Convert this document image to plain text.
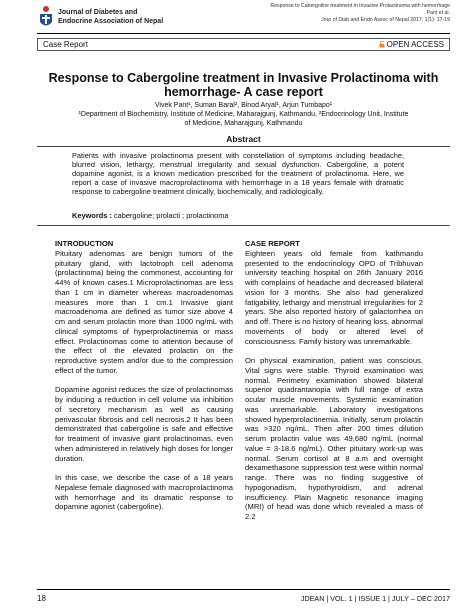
Journal of Diabetes and
Endocrine Association of Nepal
Response to Cabergoline treatment in Invasive Prolactinoma with hemorrhage
Pant et al.
Jour of Diab and Endo Assoc of Nepal 2017; 1(1): 17-19
Case Report	OPEN ACCESS
Response to Cabergoline treatment in Invasive Prolactinoma with
hemorrhage- A case report
Vivek Pant¹, Suman Baral², Binod Aryal¹, Arjun Tumbapo¹
¹Department of Biochemistry, Institute of Medicine, Maharajgunj, Kathmandu, ²Endocrinology Unit, Institute
of Medicine, Maharajgunj, Kathmandu
Abstract
Patients with invasive prolactinoma present with constellation of symptoms including headache, blurred vision, lethargy, menstrual irregularity and sexual dysfunction. Cabergoline, a potent dopamine agonist, is a known medication prescribed for the treatment of prolactinoma. Here, we report a case of invasive macroprolactinoma with hemorrhage in a 18 years female with dramatic response to cabergoline treatment clinically, biochemically, and radiologically.
Keywords : cabergoline; prolacti ; prolactinoma
INTRODUCTION

Pituitary adenomas are benign tumors of the pituitary gland, with lactotroph cell adenoma (prolactinoma) being the commonest, accounting for 44% of known cases.1 Microprolactinomas are less than 1 cm in diameter whereas macroadenomas measures more than 1 cm.1 Invasive giant macroadenoma are defined as tumor size above 4 cm and serum prolactin more than 1000 ng/mL with clinical symptoms of hyperprolactinemia or mass effect. Prolactinomas come to attention because of the effect of the elevated prolactin on the reproductive system and/or due to the compression effect of the tumor.

Dopamine agonist reduces the size of prolactinomas by inducing a reduction in cell volume via inhibition of secretory mechanism as well as causing perivascular fibrosis and cell necrosis.2 It has been demonstrated that cabergoline is safe and effective for treatment of invasive giant prolactinomas, even when administered in relatively high doses for longer duration.

In this case, we describe the case of a 18 years Nepalese female diagnosed with macroprolactinoma with hemorrhage and its dramatic response to dopamine agonist (cabergoline).

CASE REPORT

Eighteen years old female from kathmandu presented to the endocrinology OPD of Tribhuvan university teaching hospital on 26th January 2016 with complains of headache and decreased bilateral vision for 3 months. She also had generalized fatigability, lethargy and menstrual irregularities for 2 years. She also reported history of galactorrhea on and off. There is no history of hearing loss, abnormal movements of body or altered level of consciousness. Family history was unremarkable.

On physical examination, patient was conscious. Vital signs were stable. Thyroid examination was normal. Perimetry examination showed bilateral superior quadrantanopia with full range of extra ocular muscle movements. Systemic examination was unremarkable. Laboratory investigations showed hyperprolactinemia. Initially, serum prolactin was >320 ng/mL. Then after 200 times dilution serum prolactin value was 49,680 ng/mL (normal value = 3-18.6 ng/mL). Other pituitary work-up was normal. Serum cortisol at 8 a.m and overnight dexamethasone suppression test were within normal range. There was no finding suggestive of hypogonadism, hypothyroidism, and adrenal insufficiency. Plain Magnetic resonance imaging (MRI) of head was done which revealed a mass of 2.2

18	JDEAN | VOL. 1 | ISSUE 1 | JULY – DEC 2017
